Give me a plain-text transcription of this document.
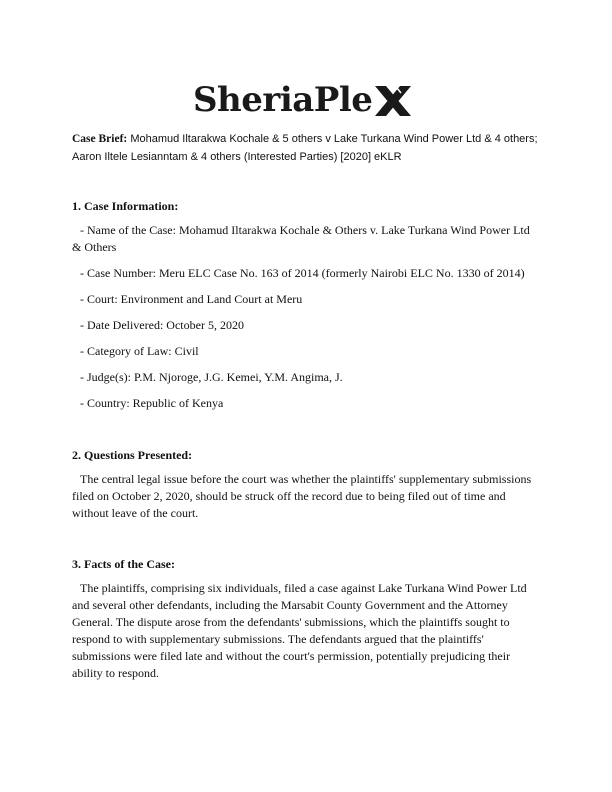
SheriaPle
Case Brief: Mohamud Iltarakwa Kochale & 5 others v Lake Turkana Wind Power Ltd & 4 others; Aaron Iltele Lesianntam & 4 others (Interested Parties) [2020] eKLR
1. Case Information:
- Name of the Case: Mohamud Iltarakwa Kochale & Others v. Lake Turkana Wind Power Ltd & Others
- Case Number: Meru ELC Case No. 163 of 2014 (formerly Nairobi ELC No. 1330 of 2014)
- Court: Environment and Land Court at Meru
- Date Delivered: October 5, 2020
- Category of Law: Civil
- Judge(s): P.M. Njoroge, J.G. Kemei, Y.M. Angima, J.
- Country: Republic of Kenya
2. Questions Presented:
The central legal issue before the court was whether the plaintiffs' supplementary submissions filed on October 2, 2020, should be struck off the record due to being filed out of time and without leave of the court.
3. Facts of the Case:
The plaintiffs, comprising six individuals, filed a case against Lake Turkana Wind Power Ltd and several other defendants, including the Marsabit County Government and the Attorney General. The dispute arose from the defendants' submissions, which the plaintiffs sought to respond to with supplementary submissions. The defendants argued that the plaintiffs' submissions were filed late and without the court's permission, potentially prejudicing their ability to respond.
